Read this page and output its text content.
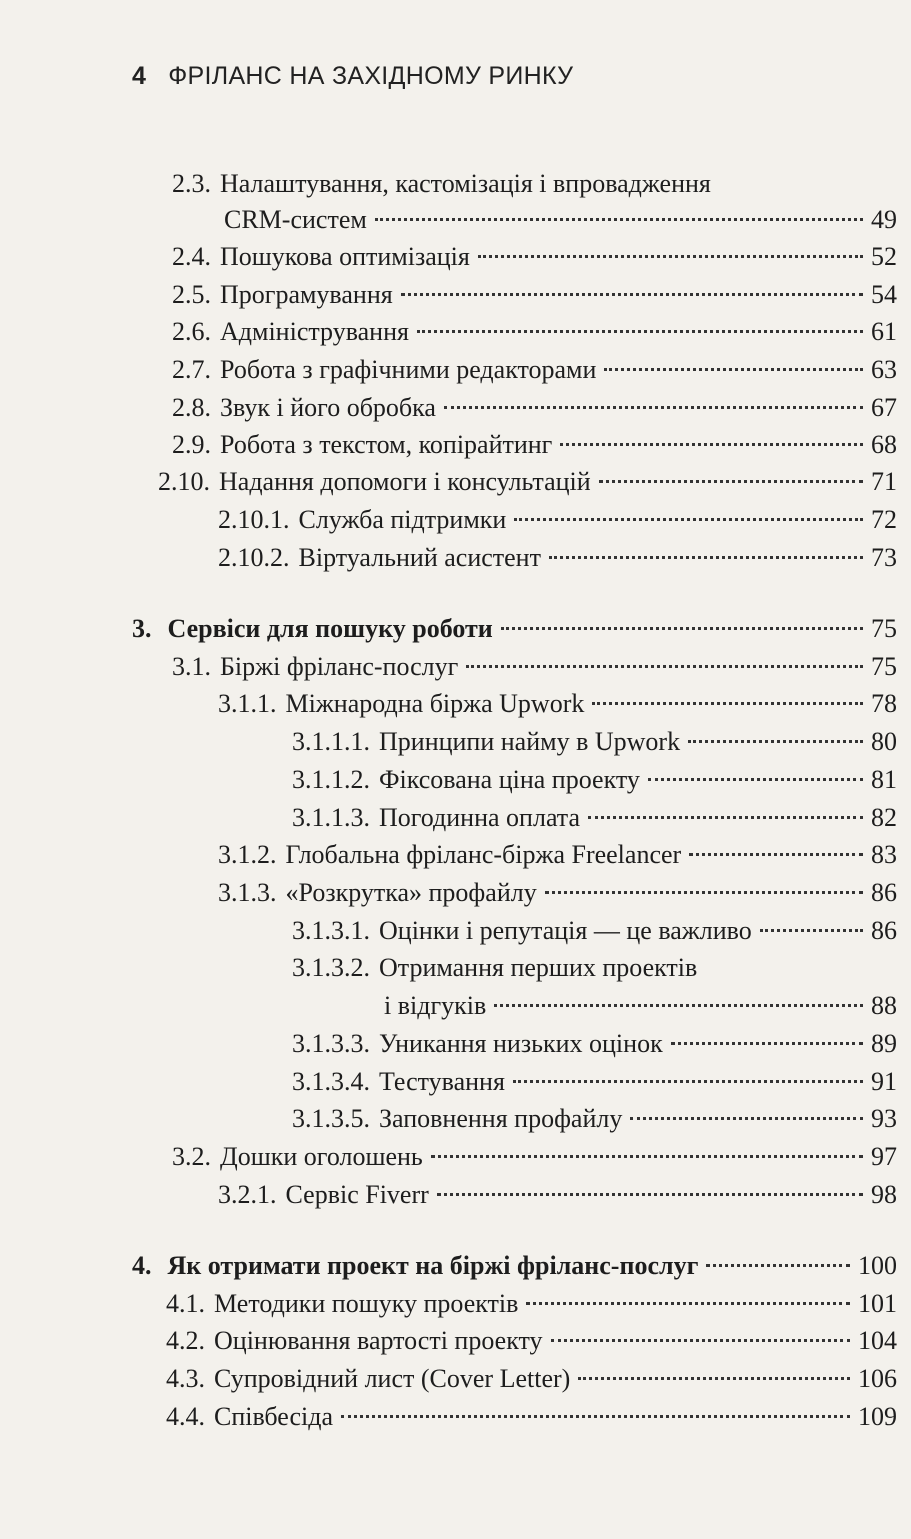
4 ФРІЛАНС НА ЗАХІДНОМУ РИНКУ
2.3. Налаштування, кастомізація і впровадження
CRM-систем	49
2.4. Пошукова оптимізація	52
2.5. Програмування	54
2.6. Адміністрування	61
2.7. Робота з графічними редакторами	63
2.8. Звук і його обробка	67
2.9. Робота з текстом, копірайтинг	68
2.10. Надання допомоги і консультацій	71
2.10.1. Служба підтримки	72
2.10.2. Віртуальний асистент	73
3. Сервіси для пошуку роботи	75
3.1. Біржі фріланс-послуг	75
3.1.1. Міжнародна біржа Upwork	78
3.1.1.1. Принципи найму в Upwork	80
3.1.1.2. Фіксована ціна проекту	81
3.1.1.3. Погодинна оплата	82
3.1.2. Глобальна фріланс-біржа Freelancer	83
3.1.3. «Розкрутка» профайлу	86
3.1.3.1. Оцінки і репутація — це важливо	86
3.1.3.2. Отримання перших проектів
і відгуків	88
3.1.3.3. Уникання низьких оцінок	89
3.1.3.4. Тестування	91
3.1.3.5. Заповнення профайлу	93
3.2. Дошки оголошень	97
3.2.1. Сервіс Fiverr	98
4. Як отримати проект на біржі фріланс-послуг	100
4.1. Методики пошуку проектів	101
4.2. Оцінювання вартості проекту	104
4.3. Супровідний лист (Cover Letter)	106
4.4. Співбесіда	109
